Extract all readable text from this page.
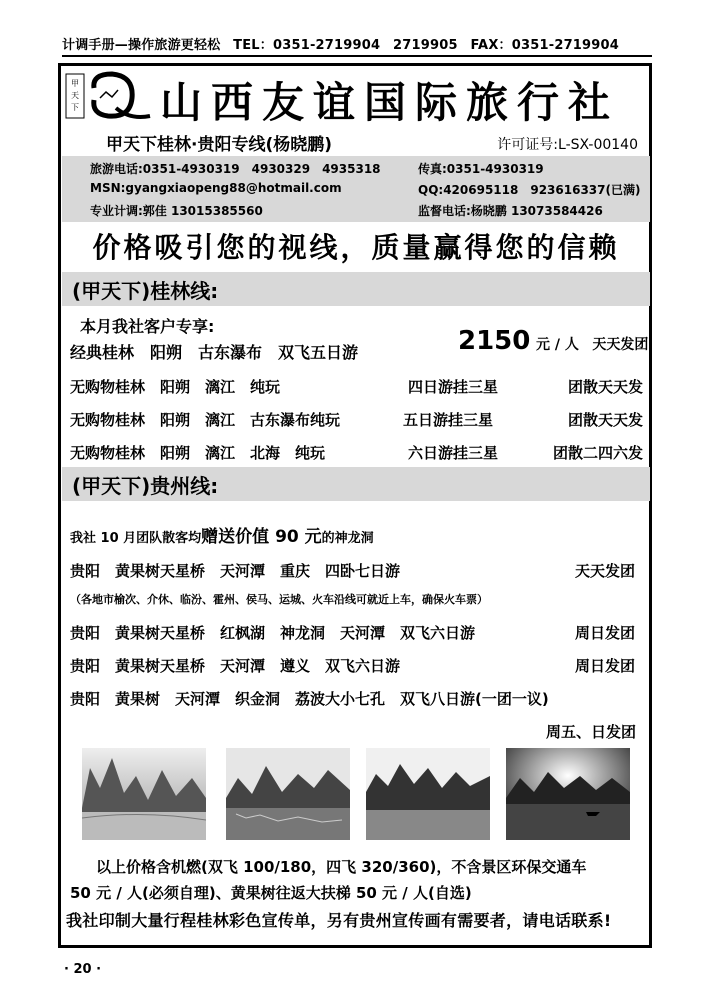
计调手册—操作旅游更轻松 TEL：0351-2719904 2719905 FAX：0351-2719904
甲
天
下 山西友谊国际旅行社
甲天下桂林·贵阳专线(杨晓鹏)	许可证号:L-SX-00140
旅游电话:0351-4930319　4930329　4935318	传真:0351-4930319
MSN:gyangxiaopeng88@hotmail.com	QQ:420695118　923616337(已满)
专业计调:郭佳 13015385560	监督电话:杨晓鹏 13073584426
价格吸引您的视线，质量赢得您的信赖
(甲天下)桂林线:
本月我社客户专享:
经典桂林　阳朔　古东瀑布　双飞五日游	2150 元 / 人 天天发团
无购物桂林　阳朔　漓江　纯玩	四日游挂三星	团散天天发
无购物桂林　阳朔　漓江　古东瀑布纯玩	五日游挂三星	团散天天发
无购物桂林　阳朔　漓江　北海　纯玩	六日游挂三星	团散二四六发
(甲天下)贵州线:
我社 10 月团队散客均赠送价值 90 元的神龙洞
贵阳　黄果树天星桥　天河潭　重庆　四卧七日游	天天发团
（各地市榆次、介休、临汾、霍州、侯马、运城、火车沿线可就近上车，确保火车票）
贵阳　黄果树天星桥　红枫湖　神龙洞　天河潭　双飞六日游	周日发团
贵阳　黄果树天星桥　天河潭　遵义　双飞六日游	周日发团
贵阳　黄果树　天河潭　织金洞　荔波大小七孔　双飞八日游(一团一议)
周五、日发团
以上价格含机燃(双飞 100/180，四飞 320/360)，不含景区环保交通车
50 元 / 人(必须自理)、黄果树往返大扶梯 50 元 / 人(自选)
我社印制大量行程桂林彩色宣传单，另有贵州宣传画有需要者，请电话联系!
· 20 ·
